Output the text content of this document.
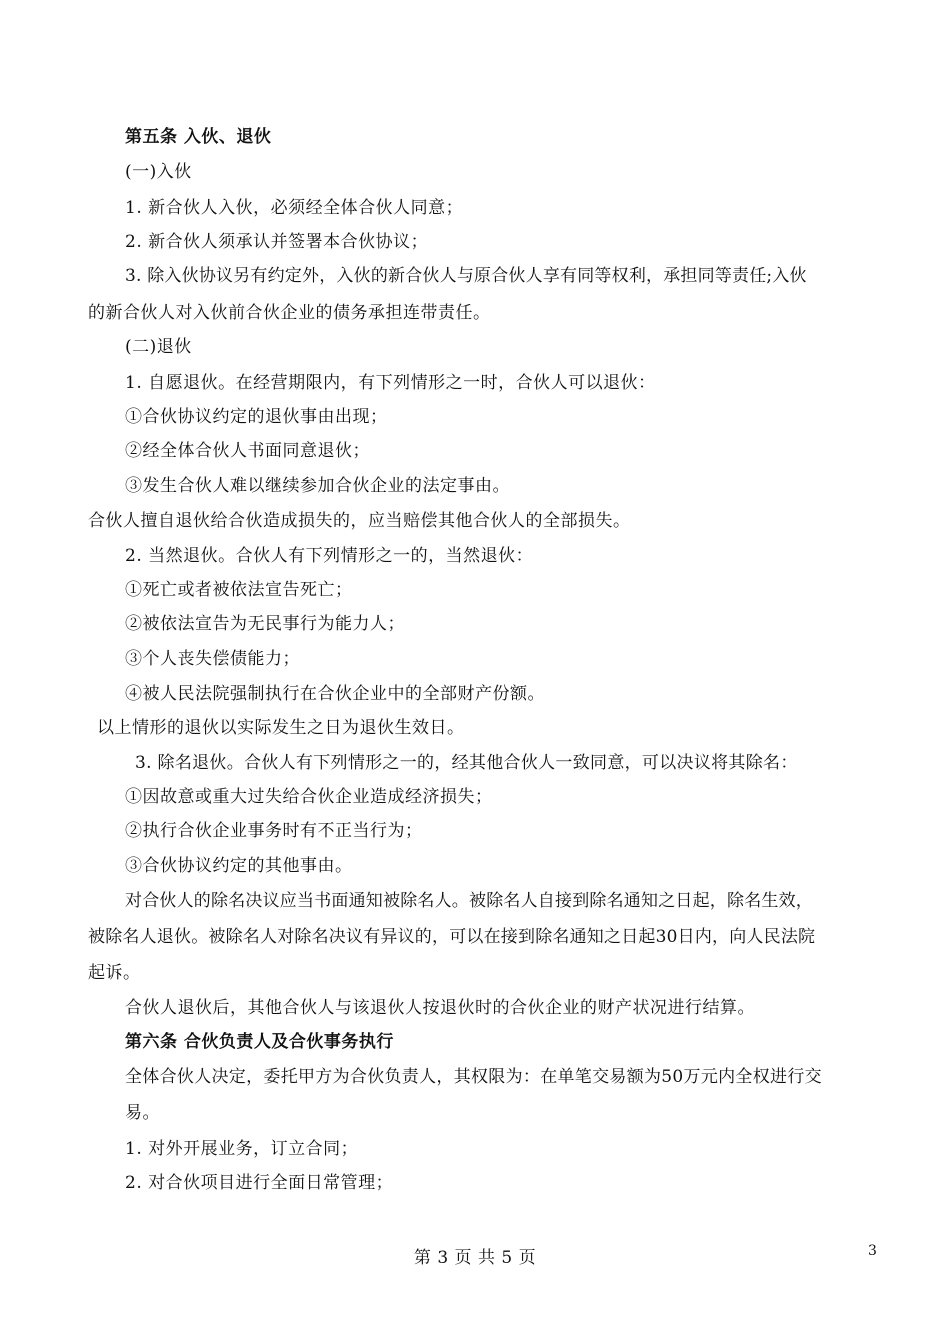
第五条 入伙、退伙
(一)入伙
1. 新合伙人入伙，必须经全体合伙人同意；
2. 新合伙人须承认并签署本合伙协议；
3. 除入伙协议另有约定外，入伙的新合伙人与原合伙人享有同等权利，承担同等责任;入伙
的新合伙人对入伙前合伙企业的债务承担连带责任。
(二)退伙
1. 自愿退伙。在经营期限内，有下列情形之一时，合伙人可以退伙：
①合伙协议约定的退伙事由出现；
②经全体合伙人书面同意退伙；
③发生合伙人难以继续参加合伙企业的法定事由。
合伙人擅自退伙给合伙造成损失的，应当赔偿其他合伙人的全部损失。
2. 当然退伙。合伙人有下列情形之一的，当然退伙：
①死亡或者被依法宣告死亡；
②被依法宣告为无民事行为能力人；
③个人丧失偿债能力；
④被人民法院强制执行在合伙企业中的全部财产份额。
以上情形的退伙以实际发生之日为退伙生效日。
3. 除名退伙。合伙人有下列情形之一的，经其他合伙人一致同意，可以决议将其除名：
①因故意或重大过失给合伙企业造成经济损失；
②执行合伙企业事务时有不正当行为；
③合伙协议约定的其他事由。
对合伙人的除名决议应当书面通知被除名人。被除名人自接到除名通知之日起，除名生效，
被除名人退伙。被除名人对除名决议有异议的，可以在接到除名通知之日起30日内，向人民法院
起诉。
合伙人退伙后，其他合伙人与该退伙人按退伙时的合伙企业的财产状况进行结算。
第六条 合伙负责人及合伙事务执行
全体合伙人决定，委托甲方为合伙负责人，其权限为：在单笔交易额为50万元内全权进行交
易。
1. 对外开展业务，订立合同；
2. 对合伙项目进行全面日常管理；
第 3 页 共 5 页	3
